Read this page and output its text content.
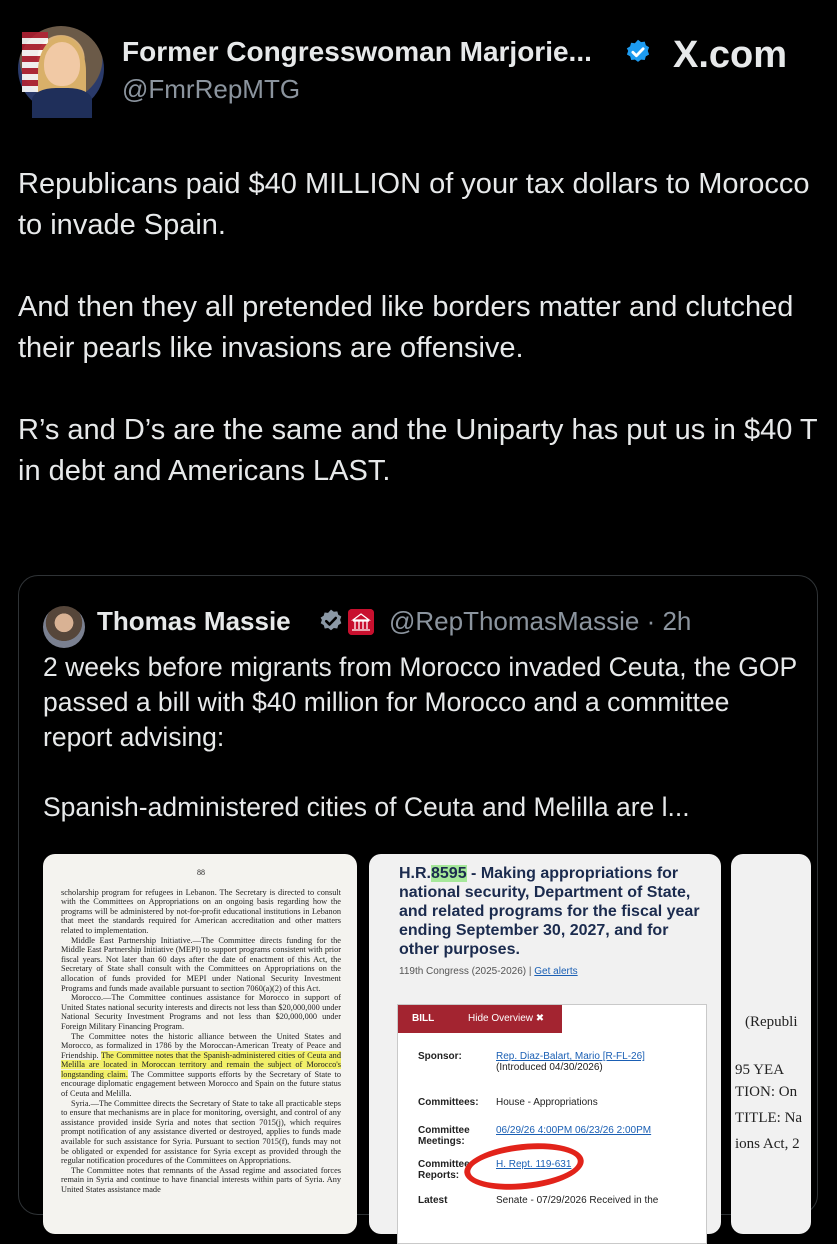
Former Congresswoman Marjorie...
@FmrRepMTG
X.com

Republicans paid $40 MILLION of your tax dollars to Morocco to invade Spain.

And then they all pretended like borders matter and clutched their pearls like invasions are offensive.

R’s and D’s are the same and the Uniparty has put us in $40 T in debt and Americans LAST.

Thomas Massie	@RepThomasMassie · 2h

2 weeks before migrants from Morocco invaded Ceuta, the GOP passed a bill with $40 million for Morocco and a committee report advising:

Spanish-administered cities of Ceuta and Melilla are l...

88

scholarship program for refugees in Lebanon. The Secretary is directed to consult with the Committees on Appropriations on an ongoing basis regarding how the programs will be administered by not-for-profit educational institutions in Lebanon that meet the standards required for American accreditation and other matters related to implementation.

Middle East Partnership Initiative.—The Committee directs funding for the Middle East Partnership Initiative (MEPI) to support programs consistent with prior fiscal years. Not later than 60 days after the date of enactment of this Act, the Secretary of State shall consult with the Committees on Appropriations on the allocation of funds provided for MEPI under National Security Investment Programs and funds made available pursuant to section 7060(a)(2) of this Act.

Morocco.—The Committee continues assistance for Morocco in support of United States national security interests and directs not less than $20,000,000 under National Security Investment Programs and not less than $20,000,000 under Foreign Military Financing Program.

The Committee notes the historic alliance between the United States and Morocco, as formalized in 1786 by the Moroccan-American Treaty of Peace and Friendship. The Committee notes that the Spanish-administered cities of Ceuta and Melilla are located in Moroccan territory and remain the subject of Morocco's longstanding claim. The Committee supports efforts by the Secretary of State to encourage diplomatic engagement between Morocco and Spain on the future status of Ceuta and Melilla.

Syria.—The Committee directs the Secretary of State to take all practicable steps to ensure that mechanisms are in place for monitoring, oversight, and control of any assistance provided inside Syria and notes that section 7015(j), which requires prompt notification of any assistance diverted or destroyed, applies to funds made available for such assistance for Syria. Pursuant to section 7015(f), funds may not be obligated or expended for assistance for Syria except as provided through the regular notification procedures of the Committees on Appropriations.

The Committee notes that remnants of the Assad regime and associated forces remain in Syria and continue to have financial interests within parts of Syria. Any United States assistance made

H.R.8595 - Making appropriations for national security, Department of State, and related programs for the fiscal year ending September 30, 2027, and for other purposes.
119th Congress (2025-2026) | Get alerts
BILL	Hide Overview ✖
Sponsor:	Rep. Diaz-Balart, Mario [R-FL-26]
(Introduced 04/30/2026)
Committees:	House - Appropriations
Committee Meetings:
06/29/26 4:00PM 06/23/26 2:00PM
Committee Reports:
H. Rept. 119-631
Latest	Senate - 07/29/2026 Received in the
(Republi
95 YEA
TION: On
TITLE: Na
ions Act, 2
